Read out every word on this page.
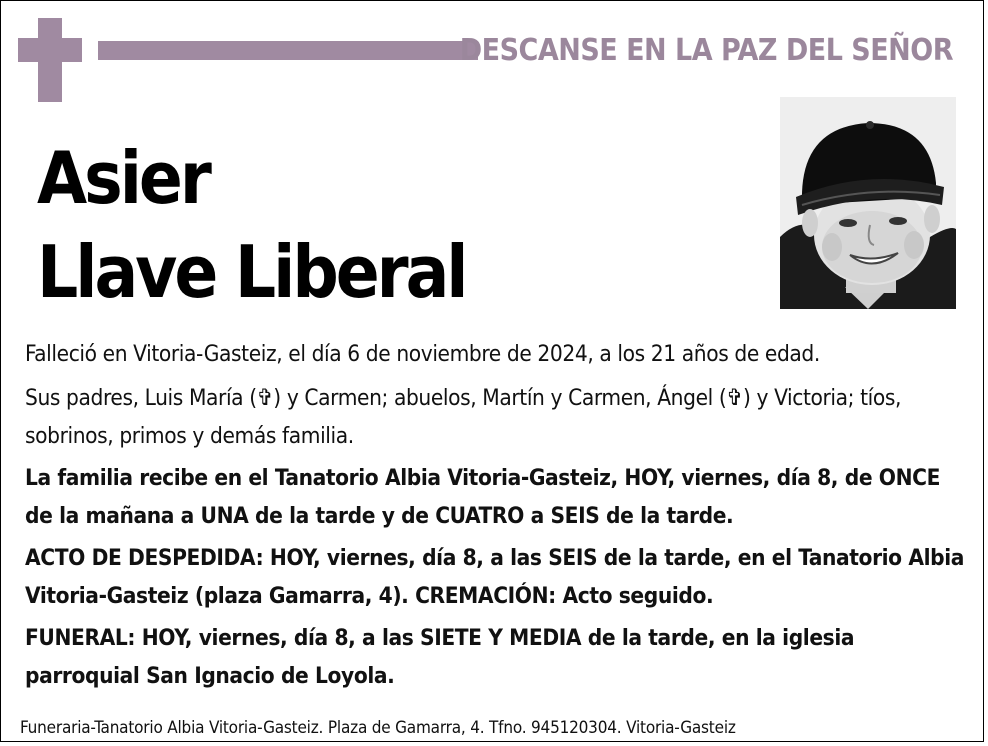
DESCANSE EN LA PAZ DEL SEÑOR
Asier
Llave Liberal

Falleció en Vitoria-Gasteiz, el día 6 de noviembre de 2024, a los 21 años de edad.

Sus padres, Luis María (✞) y Carmen; abuelos, Martín y Carmen, Ángel (✞) y Victoria; tíos, sobrinos, primos y demás familia.

La familia recibe en el Tanatorio Albia Vitoria-Gasteiz, HOY, viernes, día 8, de ONCE de la mañana a UNA de la tarde y de CUATRO a SEIS de la tarde.

ACTO DE DESPEDIDA: HOY, viernes, día 8, a las SEIS de la tarde, en el Tanatorio Albia Vitoria-Gasteiz (plaza Gamarra, 4). CREMACIÓN: Acto seguido.

FUNERAL: HOY, viernes, día 8, a las SIETE Y MEDIA de la tarde, en la iglesia parroquial San Ignacio de Loyola.

Funeraria-Tanatorio Albia Vitoria-Gasteiz. Plaza de Gamarra, 4. Tfno. 945120304. Vitoria-Gasteiz
